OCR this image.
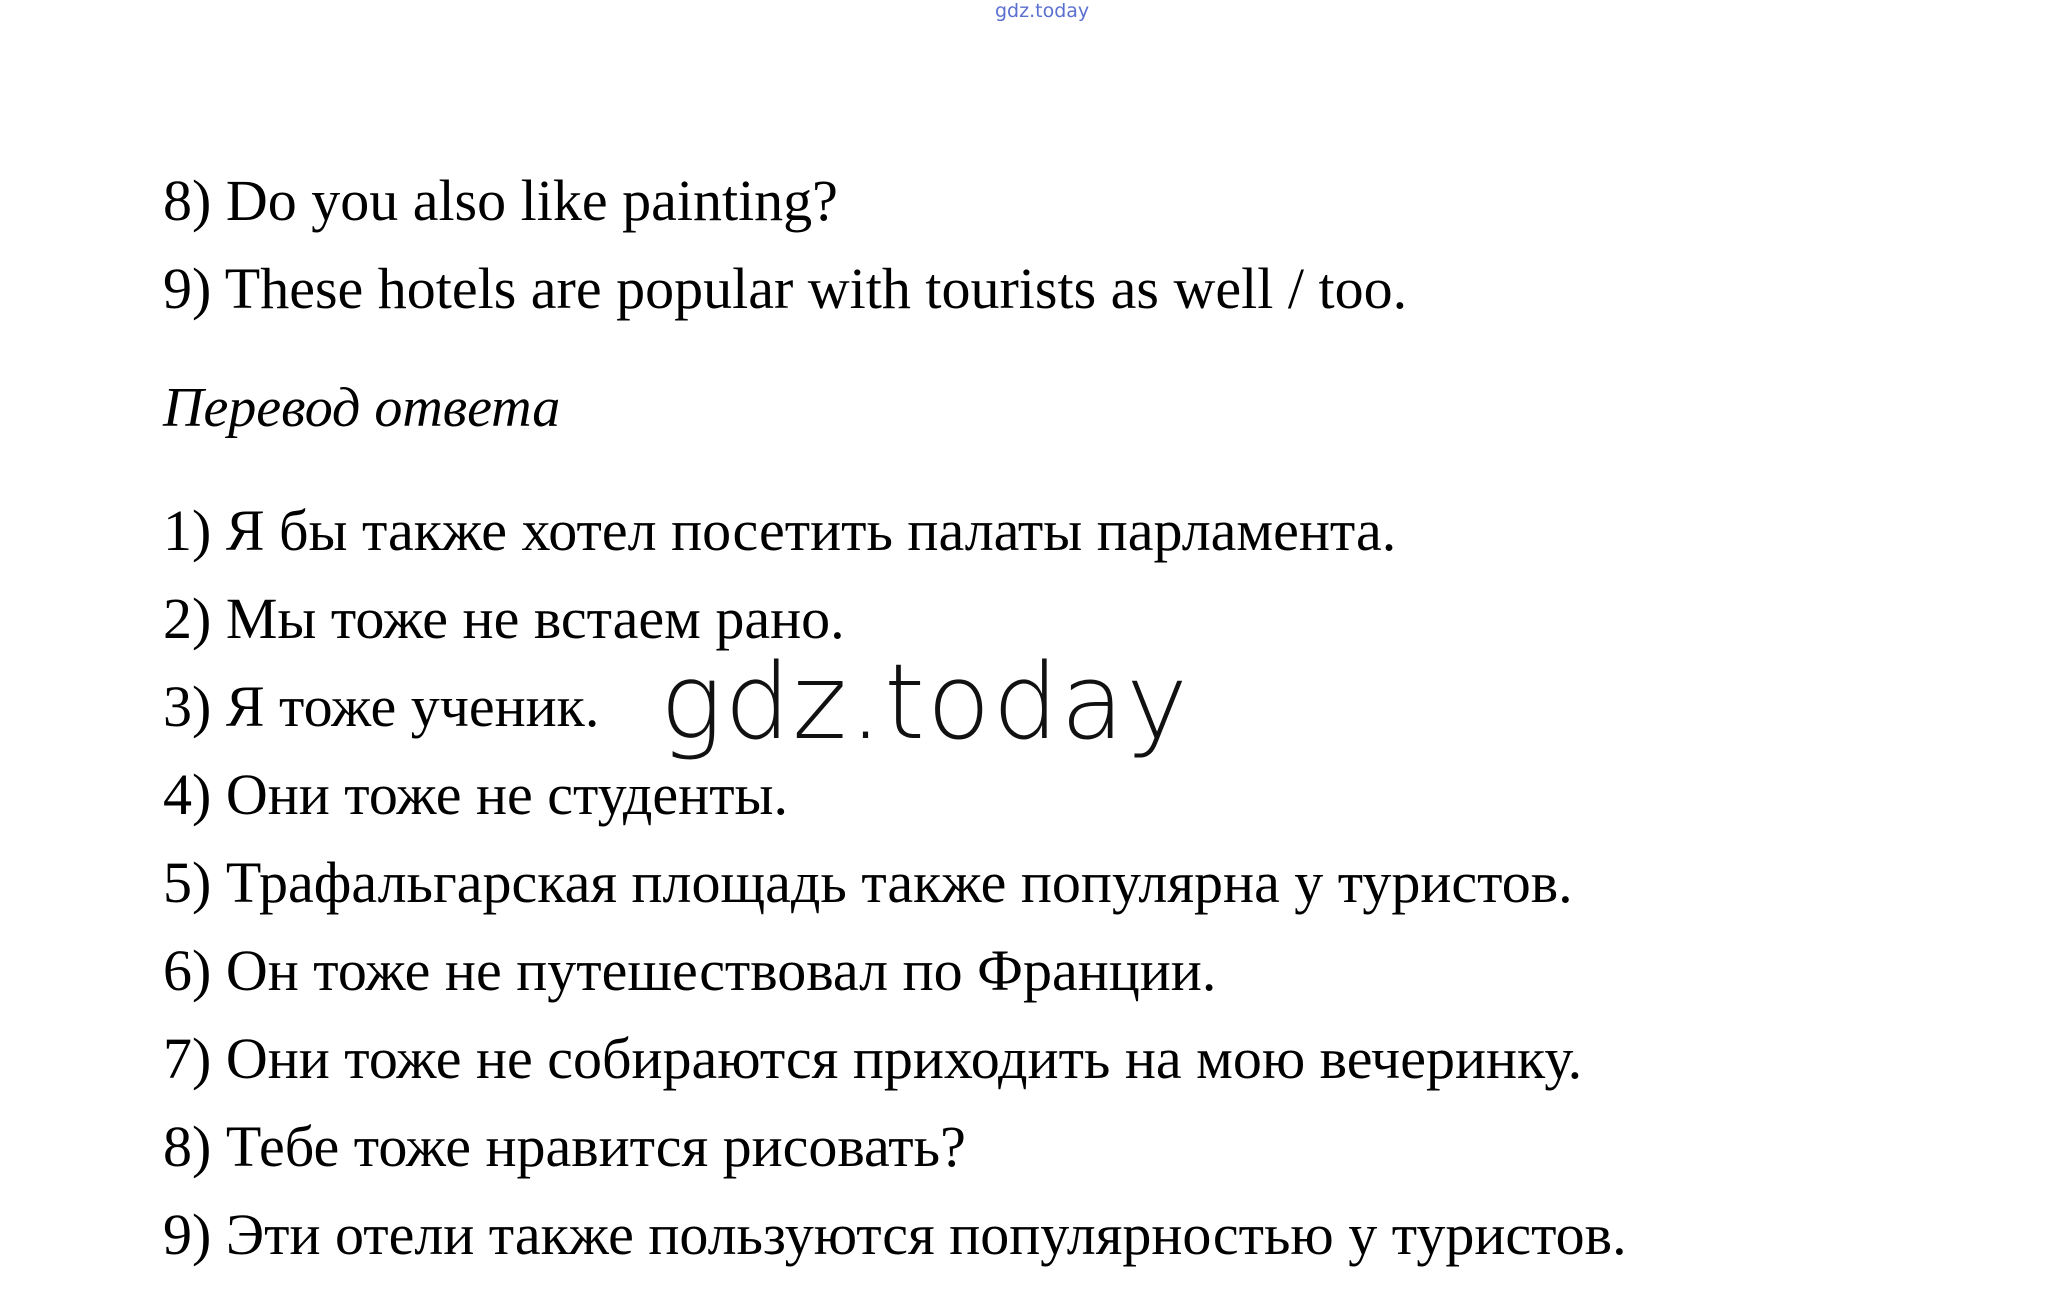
gdz.today
8) Do you also like painting?
9) These hotels are popular with tourists as well / too.
Перевод ответа
1) Я бы также хотел посетить палаты парламента.
2) Мы тоже не встаем рано.
3) Я тоже ученик.
4) Они тоже не студенты.
5) Трафальгарская площадь также популярна у туристов.
6) Он тоже не путешествовал по Франции.
7) Они тоже не собираются приходить на мою вечеринку.
8) Тебе тоже нравится рисовать?
9) Эти отели также пользуются популярностью у туристов.
gdz.today
